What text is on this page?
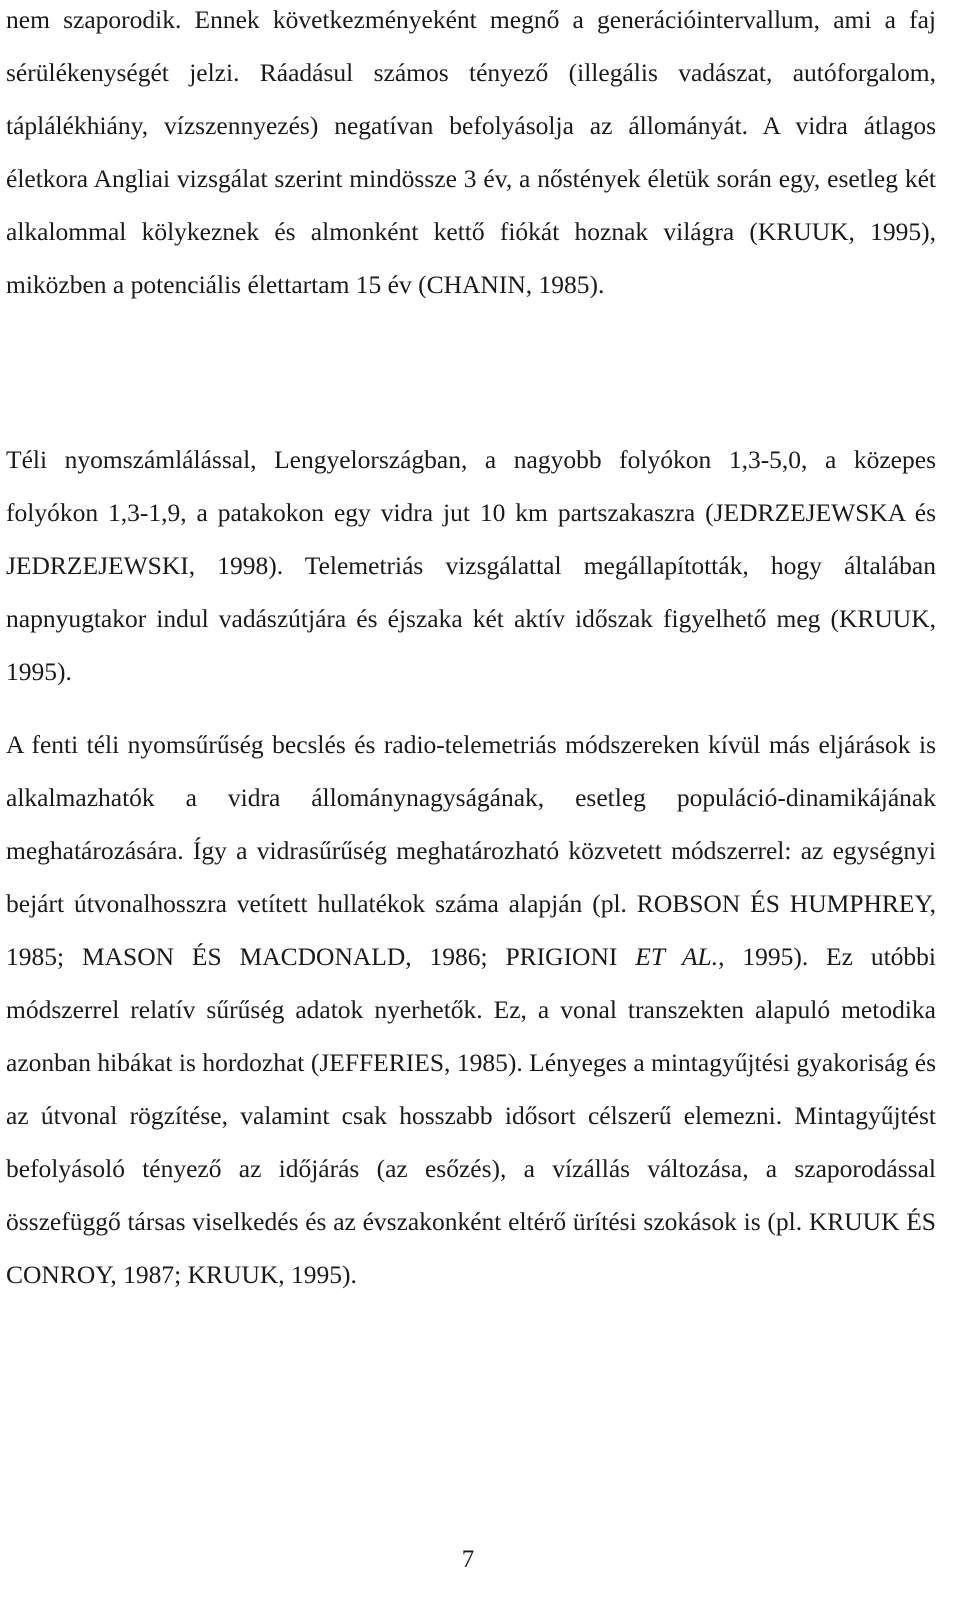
nem szaporodik. Ennek következményeként megnő a generációintervallum, ami a faj sérülékenységét jelzi. Ráadásul számos tényező (illegális vadászat, autóforgalom, táplálékhiány, vízszennyezés) negatívan befolyásolja az állományát. A vidra átlagos életkora Angliai vizsgálat szerint mindössze 3 év, a nőstények életük során egy, esetleg két alkalommal kölykeznek és almonként kettő fiókát hoznak világra (KRUUK, 1995), miközben a potenciális élettartam 15 év (CHANIN, 1985).

Téli nyomszámlálással, Lengyelországban, a nagyobb folyókon 1,3-5,0, a közepes folyókon 1,3-1,9, a patakokon egy vidra jut 10 km partszakaszra (JEDRZEJEWSKA és JEDRZEJEWSKI, 1998). Telemetriás vizsgálattal megállapították, hogy általában napnyugtakor indul vadászútjára és éjszaka két aktív időszak figyelhető meg (KRUUK, 1995).

A fenti téli nyomsűrűség becslés és radio-telemetriás módszereken kívül más eljárások is alkalmazhatók a vidra állománynagyságának, esetleg populáció-dinamikájának meghatározására. Így a vidrasűrűség meghatározható közvetett módszerrel: az egységnyi bejárt útvonalhosszra vetített hullatékok száma alapján (pl. ROBSON ÉS HUMPHREY, 1985; MASON ÉS MACDONALD, 1986; PRIGIONI ET AL., 1995). Ez utóbbi módszerrel relatív sűrűség adatok nyerhetők. Ez, a vonal transzekten alapuló metodika azonban hibákat is hordozhat (JEFFERIES, 1985). Lényeges a mintagyűjtési gyakoriság és az útvonal rögzítése, valamint csak hosszabb idősort célszerű elemezni. Mintagyűjtést befolyásoló tényező az időjárás (az esőzés), a vízállás változása, a szaporodással összefüggő társas viselkedés és az évszakonként eltérő ürítési szokások is (pl. KRUUK ÉS CONROY, 1987; KRUUK, 1995).

7
